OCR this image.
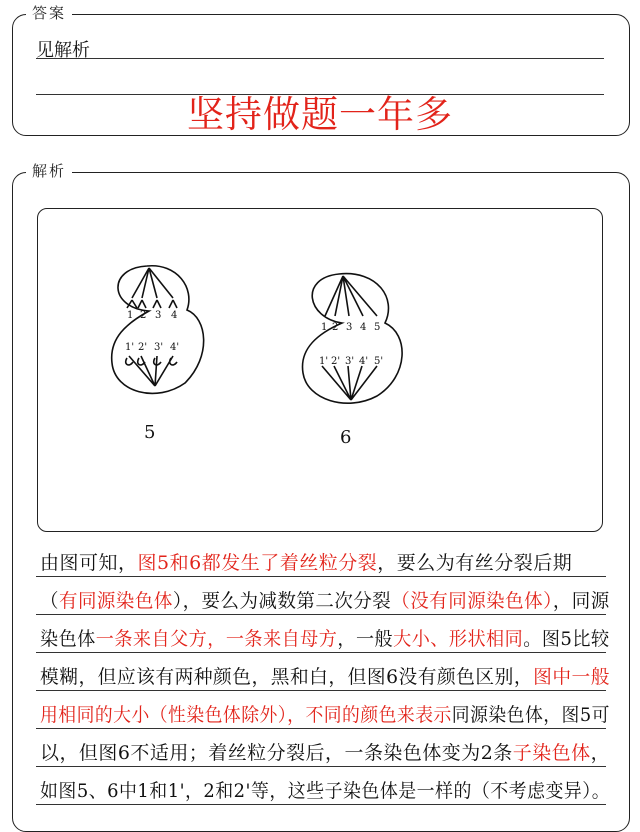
答案
见解析
坚持做题一年多
解析
1 2 3 4
1' 2' 3' 4'
1 2 3 4 5
1' 2' 3' 4' 5'
5	6
由图可知，图5和6都发生了着丝粒分裂，要么为有丝分裂后期
（有同源染色体），要么为减数第二次分裂（没有同源染色体），同源
染色体一条来自父方，一条来自母方，一般大小、形状相同。图5比较
模糊，但应该有两种颜色，黑和白，但图6没有颜色区别，图中一般
用相同的大小（性染色体除外），不同的颜色来表示同源染色体，图5可
以，但图6不适用；着丝粒分裂后，一条染色体变为2条子染色体，
如图5、6中1和1'，2和2'等，这些子染色体是一样的（不考虑变异）。
